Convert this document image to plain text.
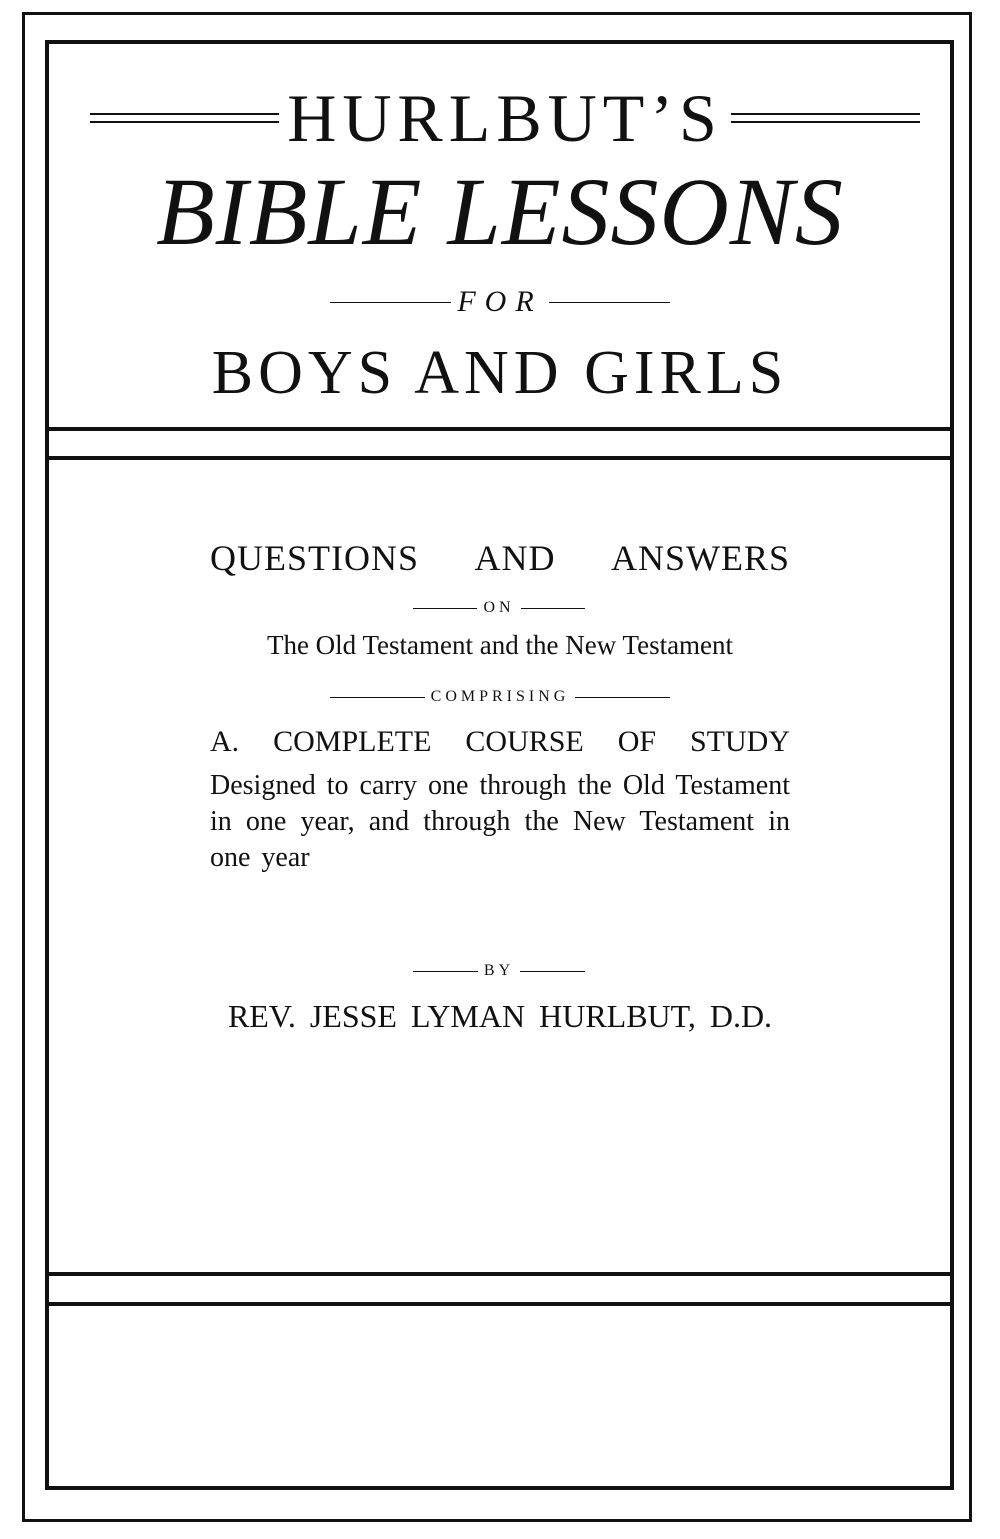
HURLBUT’S
BIBLE LESSONS
FOR
BOYS AND GIRLS
QUESTIONS AND ANSWERS
ON
The Old Testament and the New Testament
COMPRISING
A. COMPLETE COURSE OF STUDY
Designed to carry one through the Old Testament in one year, and through the New Testament in one year
BY
REV. JESSE LYMAN HURLBUT, D.D.
